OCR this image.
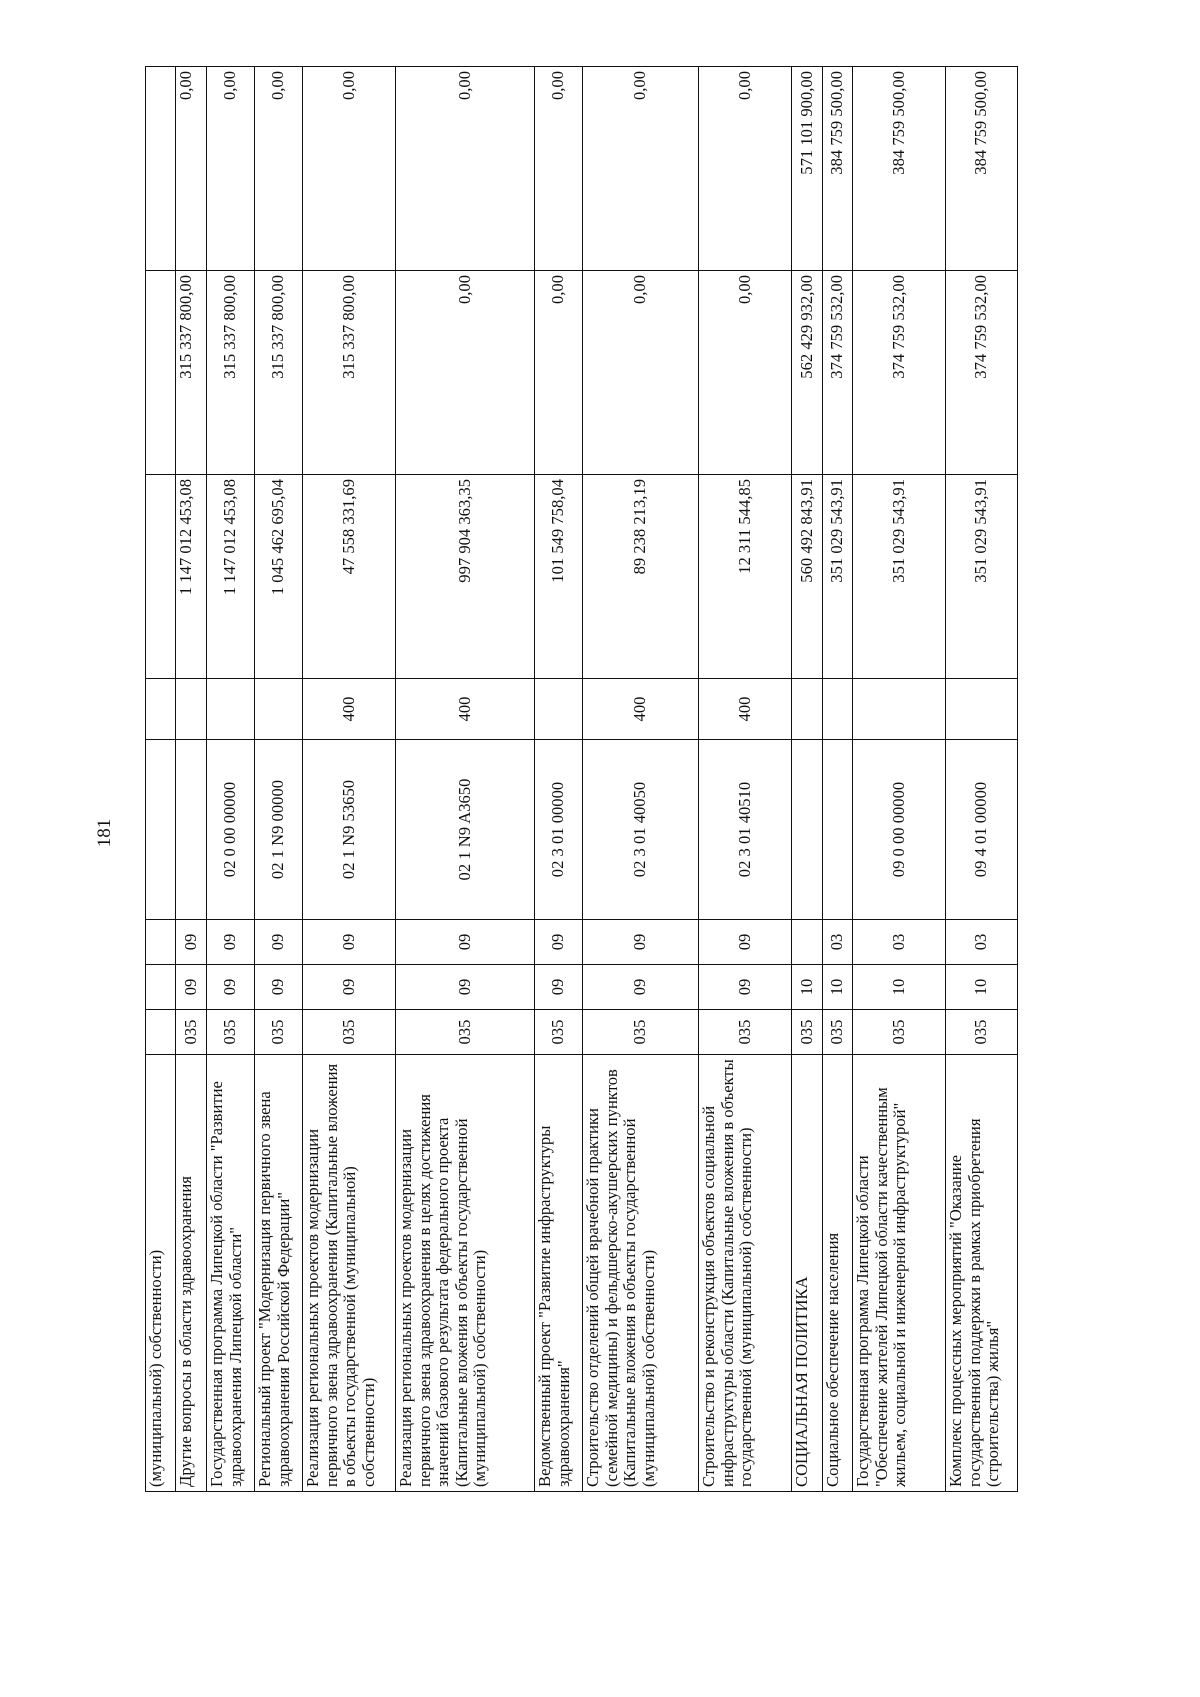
181
(муниципальной) собственности)								
Другие вопросы в области здравоохранения	035	09	09			1 147 012 453,08	315 337 800,00	0,00
Государственная программа Липецкой области "Развитие здравоохранения Липецкой области"	035	09	09	02 0 00 00000		1 147 012 453,08	315 337 800,00	0,00
Региональный проект "Модернизация первичного звена здравоохранения Российской Федерации"	035	09	09	02 1 N9 00000		1 045 462 695,04	315 337 800,00	0,00
Реализация региональных проектов модернизации первичного звена здравоохранения (Капитальные вложения в объекты государственной (муниципальной) собственности)	035	09	09	02 1 N9 53650	400	47 558 331,69	315 337 800,00	0,00
Реализация региональных проектов модернизации первичного звена здравоохранения в целях достижения значений базового результата федерального проекта (Капитальные вложения в объекты государственной (муниципальной) собственности)	035	09	09	02 1 N9 A3650	400	997 904 363,35	0,00	0,00
Ведомственный проект "Развитие инфраструктуры здравоохранения"	035	09	09	02 3 01 00000		101 549 758,04	0,00	0,00
Строительство отделений общей врачебной практики (семейной медицины) и фельдшерско-акушерских пунктов (Капитальные вложения в объекты государственной (муниципальной) собственности)	035	09	09	02 3 01 40050	400	89 238 213,19	0,00	0,00
Строительство и реконструкция объектов социальной инфраструктуры области (Капитальные вложения в объекты государственной (муниципальной) собственности)	035	09	09	02 3 01 40510	400	12 311 544,85	0,00	0,00
СОЦИАЛЬНАЯ ПОЛИТИКА	035	10				560 492 843,91	562 429 932,00	571 101 900,00
Социальное обеспечение населения	035	10	03			351 029 543,91	374 759 532,00	384 759 500,00
Государственная программа Липецкой области "Обеспечение жителей Липецкой области качественным жильем, социальной и инженерной инфраструктурой"	035	10	03	09 0 00 00000		351 029 543,91	374 759 532,00	384 759 500,00
Комплекс процессных мероприятий "Оказание государственной поддержки в рамках приобретения (строительства) жилья"	035	10	03	09 4 01 00000		351 029 543,91	374 759 532,00	384 759 500,00
